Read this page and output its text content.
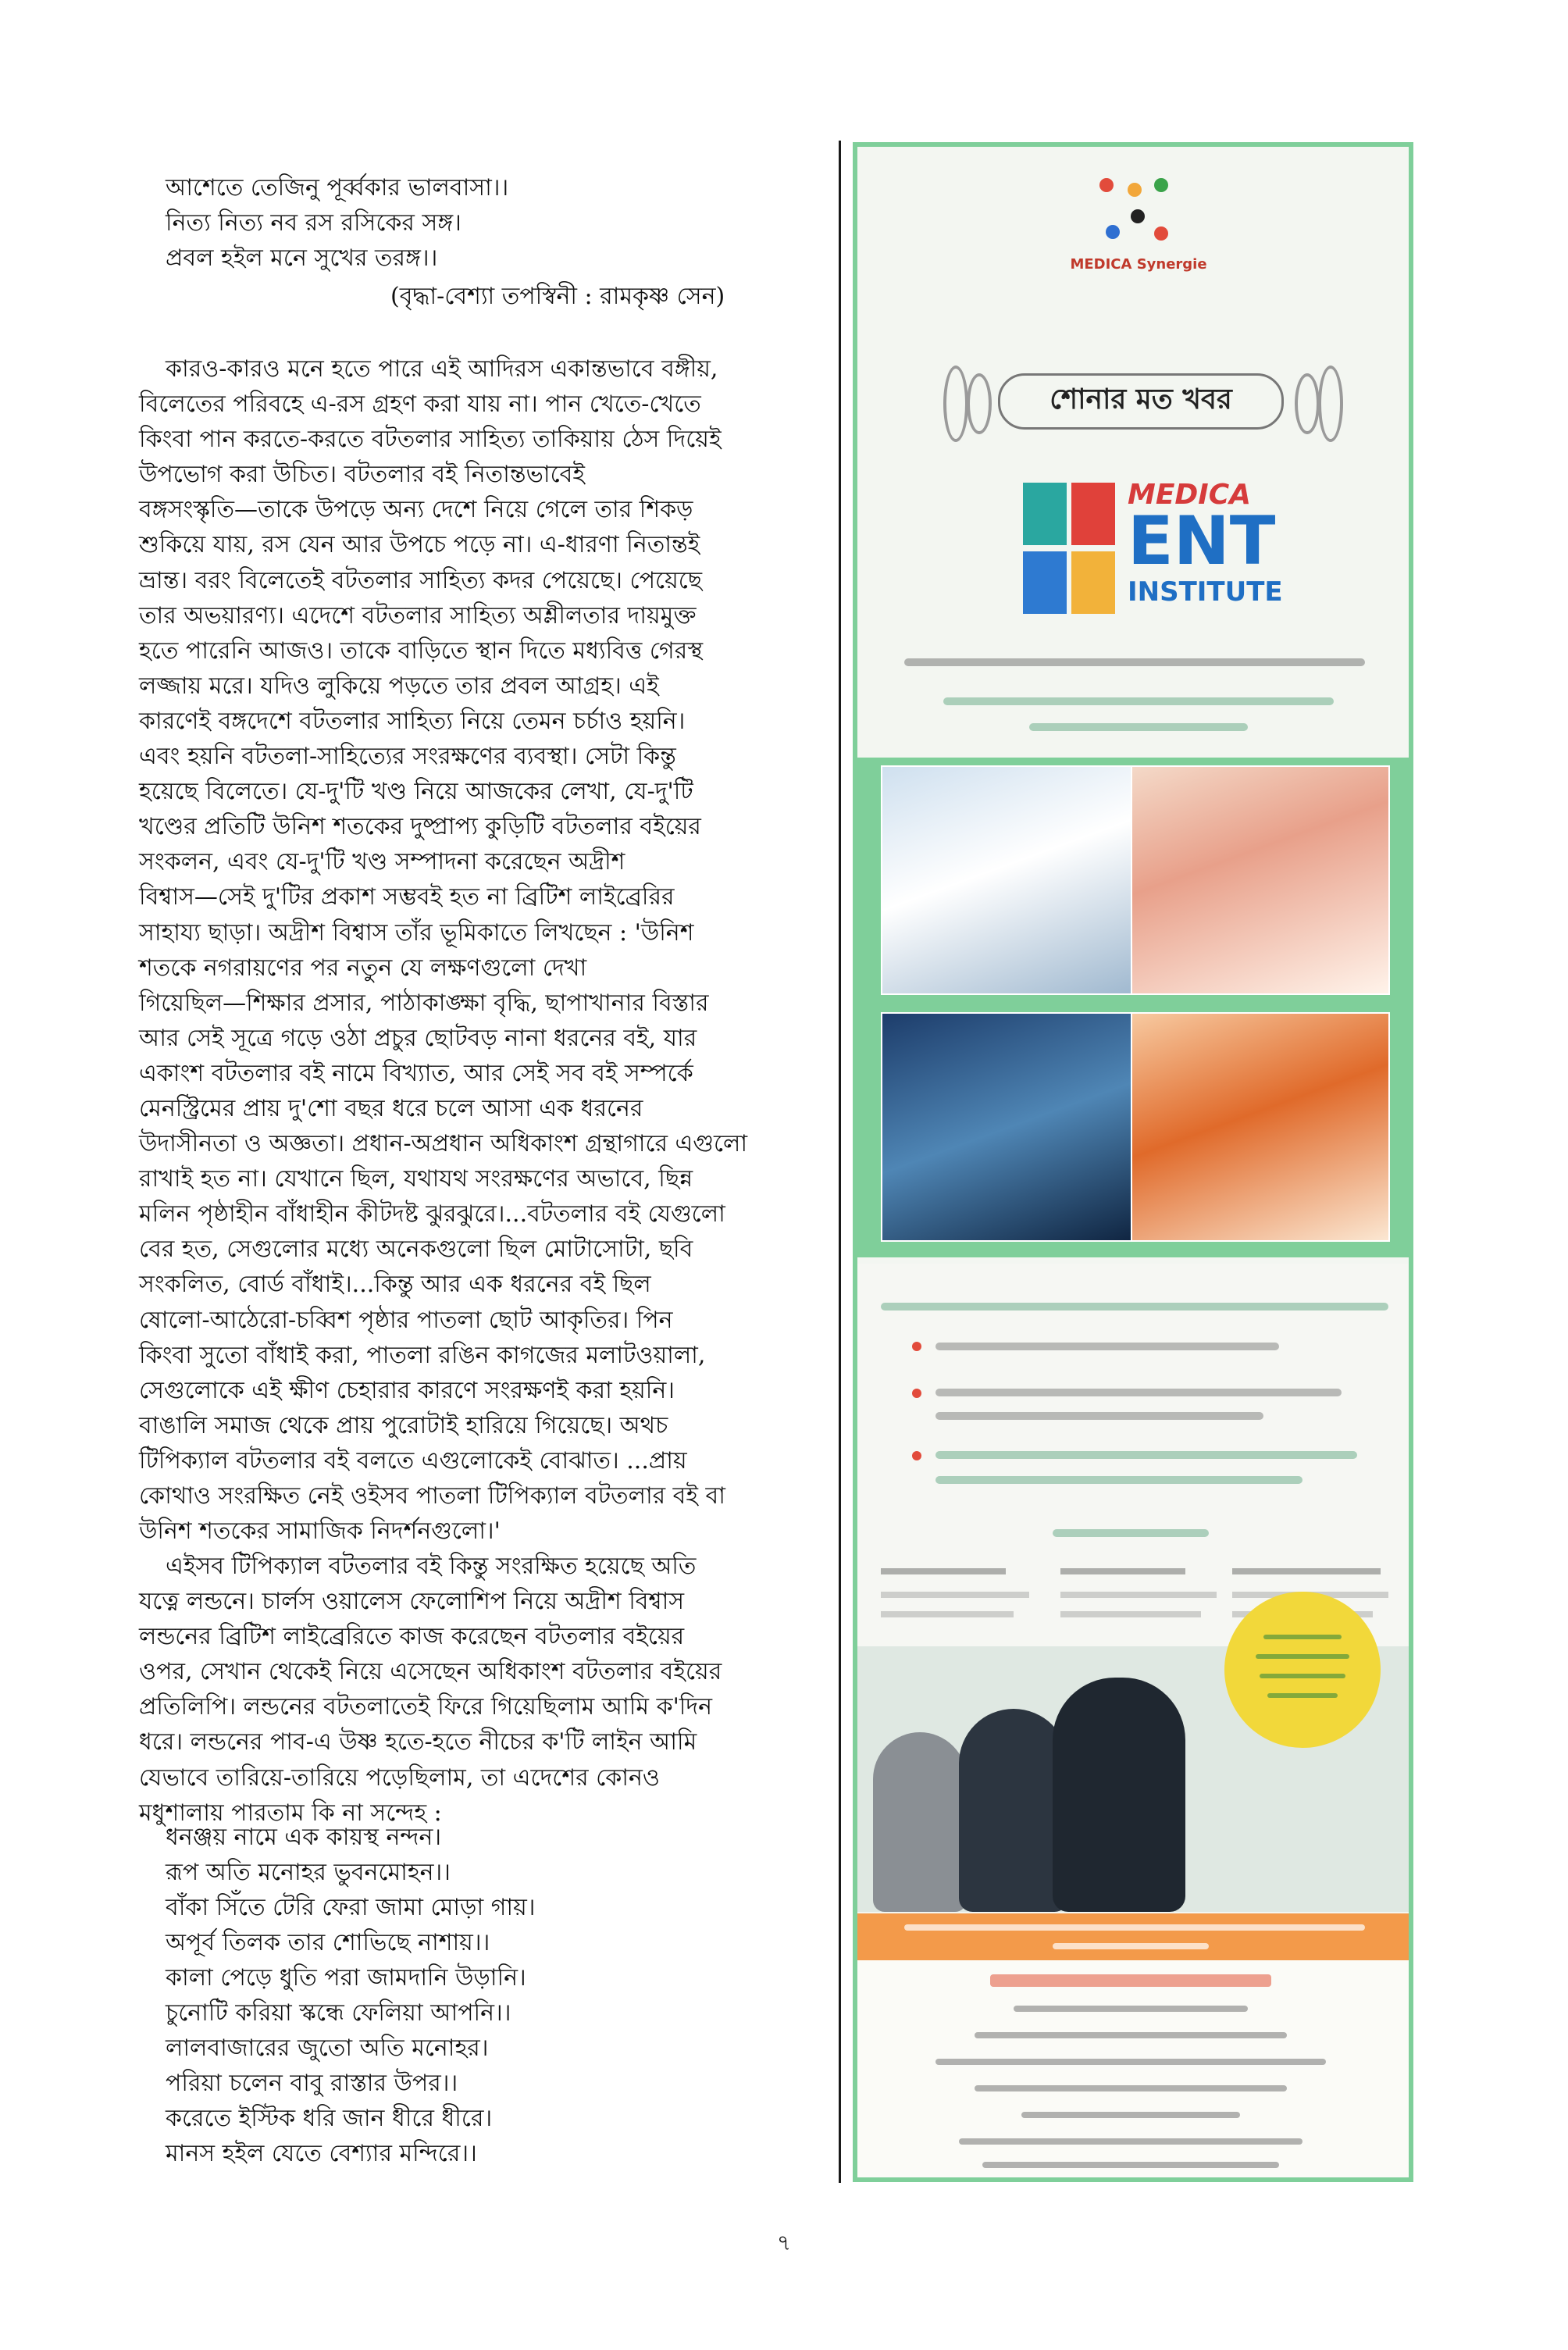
আশেতে তেজিনু পূর্ব্বকার ভালবাসা।।
নিত্য নিত্য নব রস রসিকের সঙ্গ।
প্রবল হইল মনে সুখের তরঙ্গ।।
(বৃদ্ধা-বেশ্যা তপস্বিনী : রামকৃষ্ণ সেন)
কারও-কারও মনে হতে পারে এই আদিরস একান্তভাবে বঙ্গীয়,
বিলেতের পরিবহে এ-রস গ্রহণ করা যায় না। পান খেতে-খেতে
কিংবা পান করতে-করতে বটতলার সাহিত্য তাকিয়ায় ঠেস দিয়েই
উপভোগ করা উচিত। বটতলার বই নিতান্তভাবেই
বঙ্গসংস্কৃতি—তাকে উপড়ে অন্য দেশে নিয়ে গেলে তার শিকড়
শুকিয়ে যায়, রস যেন আর উপচে পড়ে না। এ-ধারণা নিতান্তই
ভ্রান্ত। বরং বিলেতেই বটতলার সাহিত্য কদর পেয়েছে। পেয়েছে
তার অভয়ারণ্য। এদেশে বটতলার সাহিত্য অশ্লীলতার দায়মুক্ত
হতে পারেনি আজও। তাকে বাড়িতে স্থান দিতে মধ্যবিত্ত গেরস্থ
লজ্জায় মরে। যদিও লুকিয়ে পড়তে তার প্রবল আগ্রহ। এই
কারণেই বঙ্গদেশে বটতলার সাহিত্য নিয়ে তেমন চর্চাও হয়নি।
এবং হয়নি বটতলা-সাহিত্যের সংরক্ষণের ব্যবস্থা। সেটা কিন্তু
হয়েছে বিলেতে। যে-দু'টি খণ্ড নিয়ে আজকের লেখা, যে-দু'টি
খণ্ডের প্রতিটি উনিশ শতকের দুষ্প্রাপ্য কুড়িটি বটতলার বইয়ের
সংকলন, এবং যে-দু'টি খণ্ড সম্পাদনা করেছেন অদ্রীশ
বিশ্বাস—সেই দু'টির প্রকাশ সম্ভবই হত না ব্রিটিশ লাইব্রেরির
সাহায্য ছাড়া। অদ্রীশ বিশ্বাস তাঁর ভূমিকাতে লিখছেন : 'উনিশ
শতকে নগরায়ণের পর নতুন যে লক্ষণগুলো দেখা
গিয়েছিল—শিক্ষার প্রসার, পাঠাকাঙ্ক্ষা বৃদ্ধি, ছাপাখানার বিস্তার
আর সেই সূত্রে গড়ে ওঠা প্রচুর ছোটবড় নানা ধরনের বই, যার
একাংশ বটতলার বই নামে বিখ্যাত, আর সেই সব বই সম্পর্কে
মেনস্ট্রিমের প্রায় দু'শো বছর ধরে চলে আসা এক ধরনের
উদাসীনতা ও অজ্ঞতা। প্রধান-অপ্রধান অধিকাংশ গ্রন্থাগারে এগুলো
রাখাই হত না। যেখানে ছিল, যথাযথ সংরক্ষণের অভাবে, ছিন্ন
মলিন পৃষ্ঠাহীন বাঁধাহীন কীটদষ্ট ঝুরঝুরে।...বটতলার বই যেগুলো
বের হত, সেগুলোর মধ্যে অনেকগুলো ছিল মোটাসোটা, ছবি
সংকলিত, বোর্ড বাঁধাই।...কিন্তু আর এক ধরনের বই ছিল
ষোলো-আঠেরো-চব্বিশ পৃষ্ঠার পাতলা ছোট আকৃতির। পিন
কিংবা সুতো বাঁধাই করা, পাতলা রঙিন কাগজের মলাটওয়ালা,
সেগুলোকে এই ক্ষীণ চেহারার কারণে সংরক্ষণই করা হয়নি।
বাঙালি সমাজ থেকে প্রায় পুরোটাই হারিয়ে গিয়েছে। অথচ
টিপিক্যাল বটতলার বই বলতে এগুলোকেই বোঝাত। ...প্রায়
কোথাও সংরক্ষিত নেই ওইসব পাতলা টিপিক্যাল বটতলার বই বা
উনিশ শতকের সামাজিক নিদর্শনগুলো।'
এইসব টিপিক্যাল বটতলার বই কিন্তু সংরক্ষিত হয়েছে অতি
যত্নে লন্ডনে। চার্লস ওয়ালেস ফেলোশিপ নিয়ে অদ্রীশ বিশ্বাস
লন্ডনের ব্রিটিশ লাইব্রেরিতে কাজ করেছেন বটতলার বইয়ের
ওপর, সেখান থেকেই নিয়ে এসেছেন অধিকাংশ বটতলার বইয়ের
প্রতিলিপি। লন্ডনের বটতলাতেই ফিরে গিয়েছিলাম আমি ক'দিন
ধরে। লন্ডনের পাব-এ উষ্ণ হতে-হতে নীচের ক'টি লাইন আমি
যেভাবে তারিয়ে-তারিয়ে পড়েছিলাম, তা এদেশের কোনও
মধুশালায় পারতাম কি না সন্দেহ :
ধনঞ্জয় নামে এক কায়স্থ নন্দন।
রূপ অতি মনোহর ভুবনমোহন।।
বাঁকা সিঁতে টেরি ফেরা জামা মোড়া গায়।
অপূর্ব তিলক তার শোভিছে নাশায়।।
কালা পেড়ে ধুতি পরা জামদানি উড়ানি।
চুনোটি করিয়া স্কন্ধে ফেলিয়া আপনি।।
লালবাজারের জুতো অতি মনোহর।
পরিয়া চলেন বাবু রাস্তার উপর।।
করেতে ইস্টিক ধরি জান ধীরে ধীরে।
মানস হইল যেতে বেশ্যার মন্দিরে।।
MEDICA Synergie
শোনার মত খবর
MEDICA
ENT
INSTITUTE
৭
